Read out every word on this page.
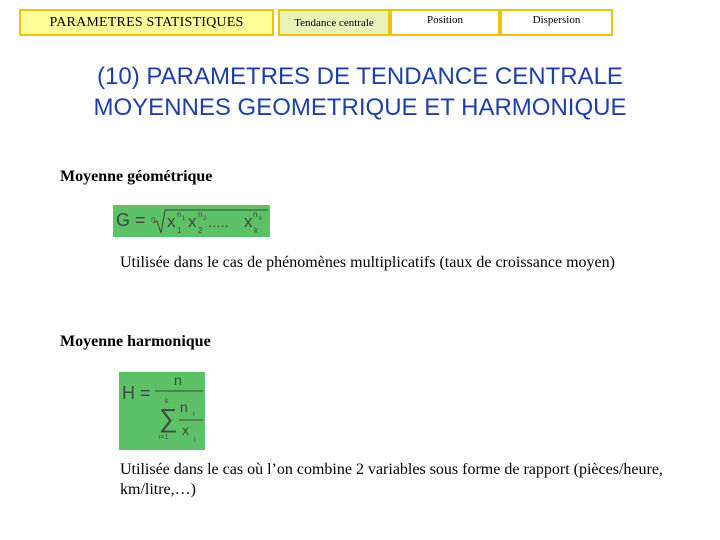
PARAMETRES STATISTIQUES	Tendance centrale	Position	Dispersion
(10) PARAMETRES DE TENDANCE CENTRALE
MOYENNES GEOMETRIQUE ET HARMONIQUE
Moyenne géométrique
G = n x n 1
1 x n 2
2 ..... x n k
k
Utilisée dans le cas de phénomènes multiplicatifs (taux de croissance moyen)
Moyenne harmonique
H =
n
k
∑
i=1
n i
x
i
Utilisée dans le cas où l’on combine 2 variables sous forme de rapport (pièces/heure, km/litre,…)
